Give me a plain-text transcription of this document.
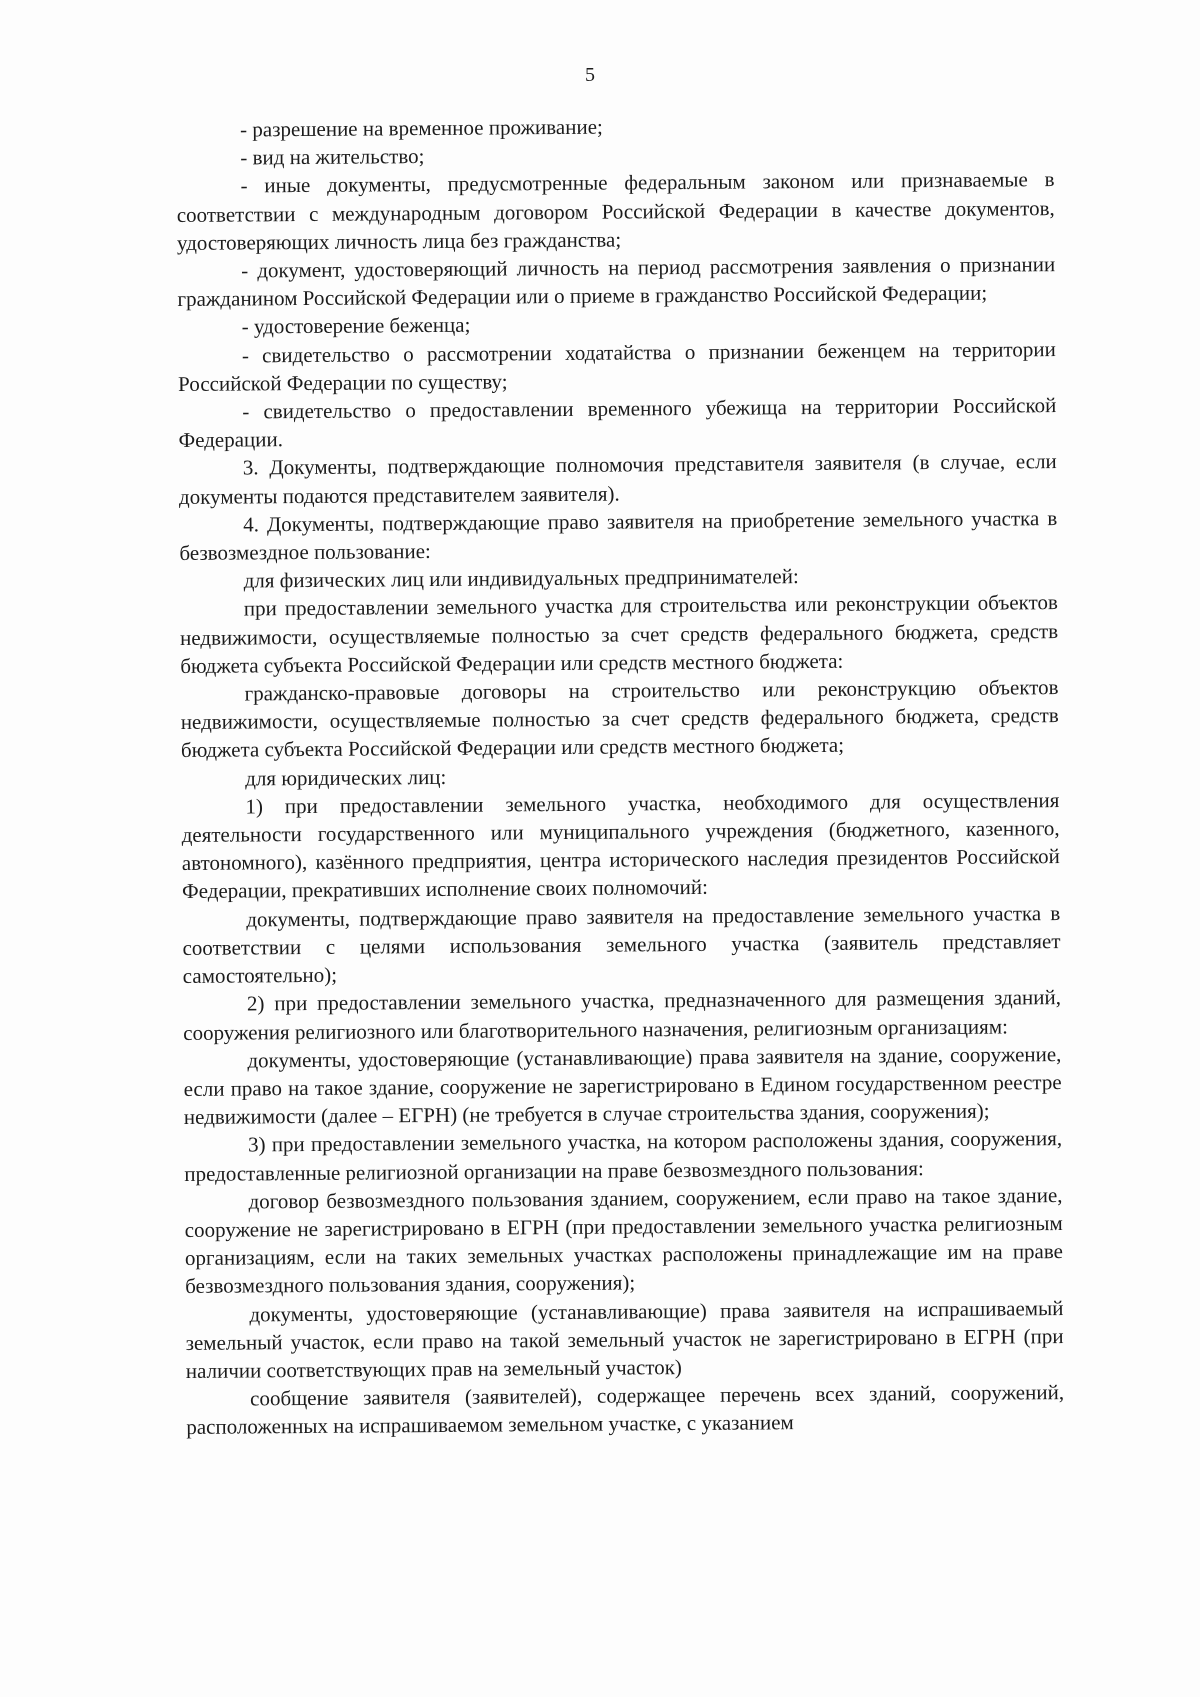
5

- разрешение на временное проживание;

- вид на жительство;

- иные документы, предусмотренные федеральным законом или признаваемые в соответствии с международным договором Российской Федерации в качестве документов, удостоверяющих личность лица без гражданства;

- документ, удостоверяющий личность на период рассмотрения заявления о признании гражданином Российской Федерации или о приеме в гражданство Российской Федерации;

- удостоверение беженца;

- свидетельство о рассмотрении ходатайства о признании беженцем на территории Российской Федерации по существу;

- свидетельство о предоставлении временного убежища на территории Российской Федерации.

3. Документы, подтверждающие полномочия представителя заявителя (в случае, если документы подаются представителем заявителя).

4. Документы, подтверждающие право заявителя на приобретение земельного участка в безвозмездное пользование:

для физических лиц или индивидуальных предпринимателей:

при предоставлении земельного участка для строительства или реконструкции объектов недвижимости, осуществляемые полностью за счет средств федерального бюджета, средств бюджета субъекта Российской Федерации или средств местного бюджета:

гражданско-правовые договоры на строительство или реконструкцию объектов недвижимости, осуществляемые полностью за счет средств федерального бюджета, средств бюджета субъекта Российской Федерации или средств местного бюджета;

для юридических лиц:

1) при предоставлении земельного участка, необходимого для осуществления деятельности государственного или муниципального учреждения (бюджетного, казенного, автономного), казённого предприятия, центра исторического наследия президентов Российской Федерации, прекративших исполнение своих полномочий:

документы, подтверждающие право заявителя на предоставление земельного участка в соответствии с целями использования земельного участка (заявитель представляет самостоятельно);

2) при предоставлении земельного участка, предназначенного для размещения зданий, сооружения религиозного или благотворительного назначения, религиозным организациям:

документы, удостоверяющие (устанавливающие) права заявителя на здание, сооружение, если право на такое здание, сооружение не зарегистрировано в Едином государственном реестре недвижимости (далее – ЕГРН) (не требуется в случае строительства здания, сооружения);

3) при предоставлении земельного участка, на котором расположены здания, сооружения, предоставленные религиозной организации на праве безвозмездного пользования:

договор безвозмездного пользования зданием, сооружением, если право на такое здание, сооружение не зарегистрировано в ЕГРН (при предоставлении земельного участка религиозным организациям, если на таких земельных участках расположены принадлежащие им на праве безвозмездного пользования здания, сооружения);

документы, удостоверяющие (устанавливающие) права заявителя на испрашиваемый земельный участок, если право на такой земельный участок не зарегистрировано в ЕГРН (при наличии соответствующих прав на земельный участок)

сообщение заявителя (заявителей), содержащее перечень всех зданий, сооружений, расположенных на испрашиваемом земельном участке, с указанием
